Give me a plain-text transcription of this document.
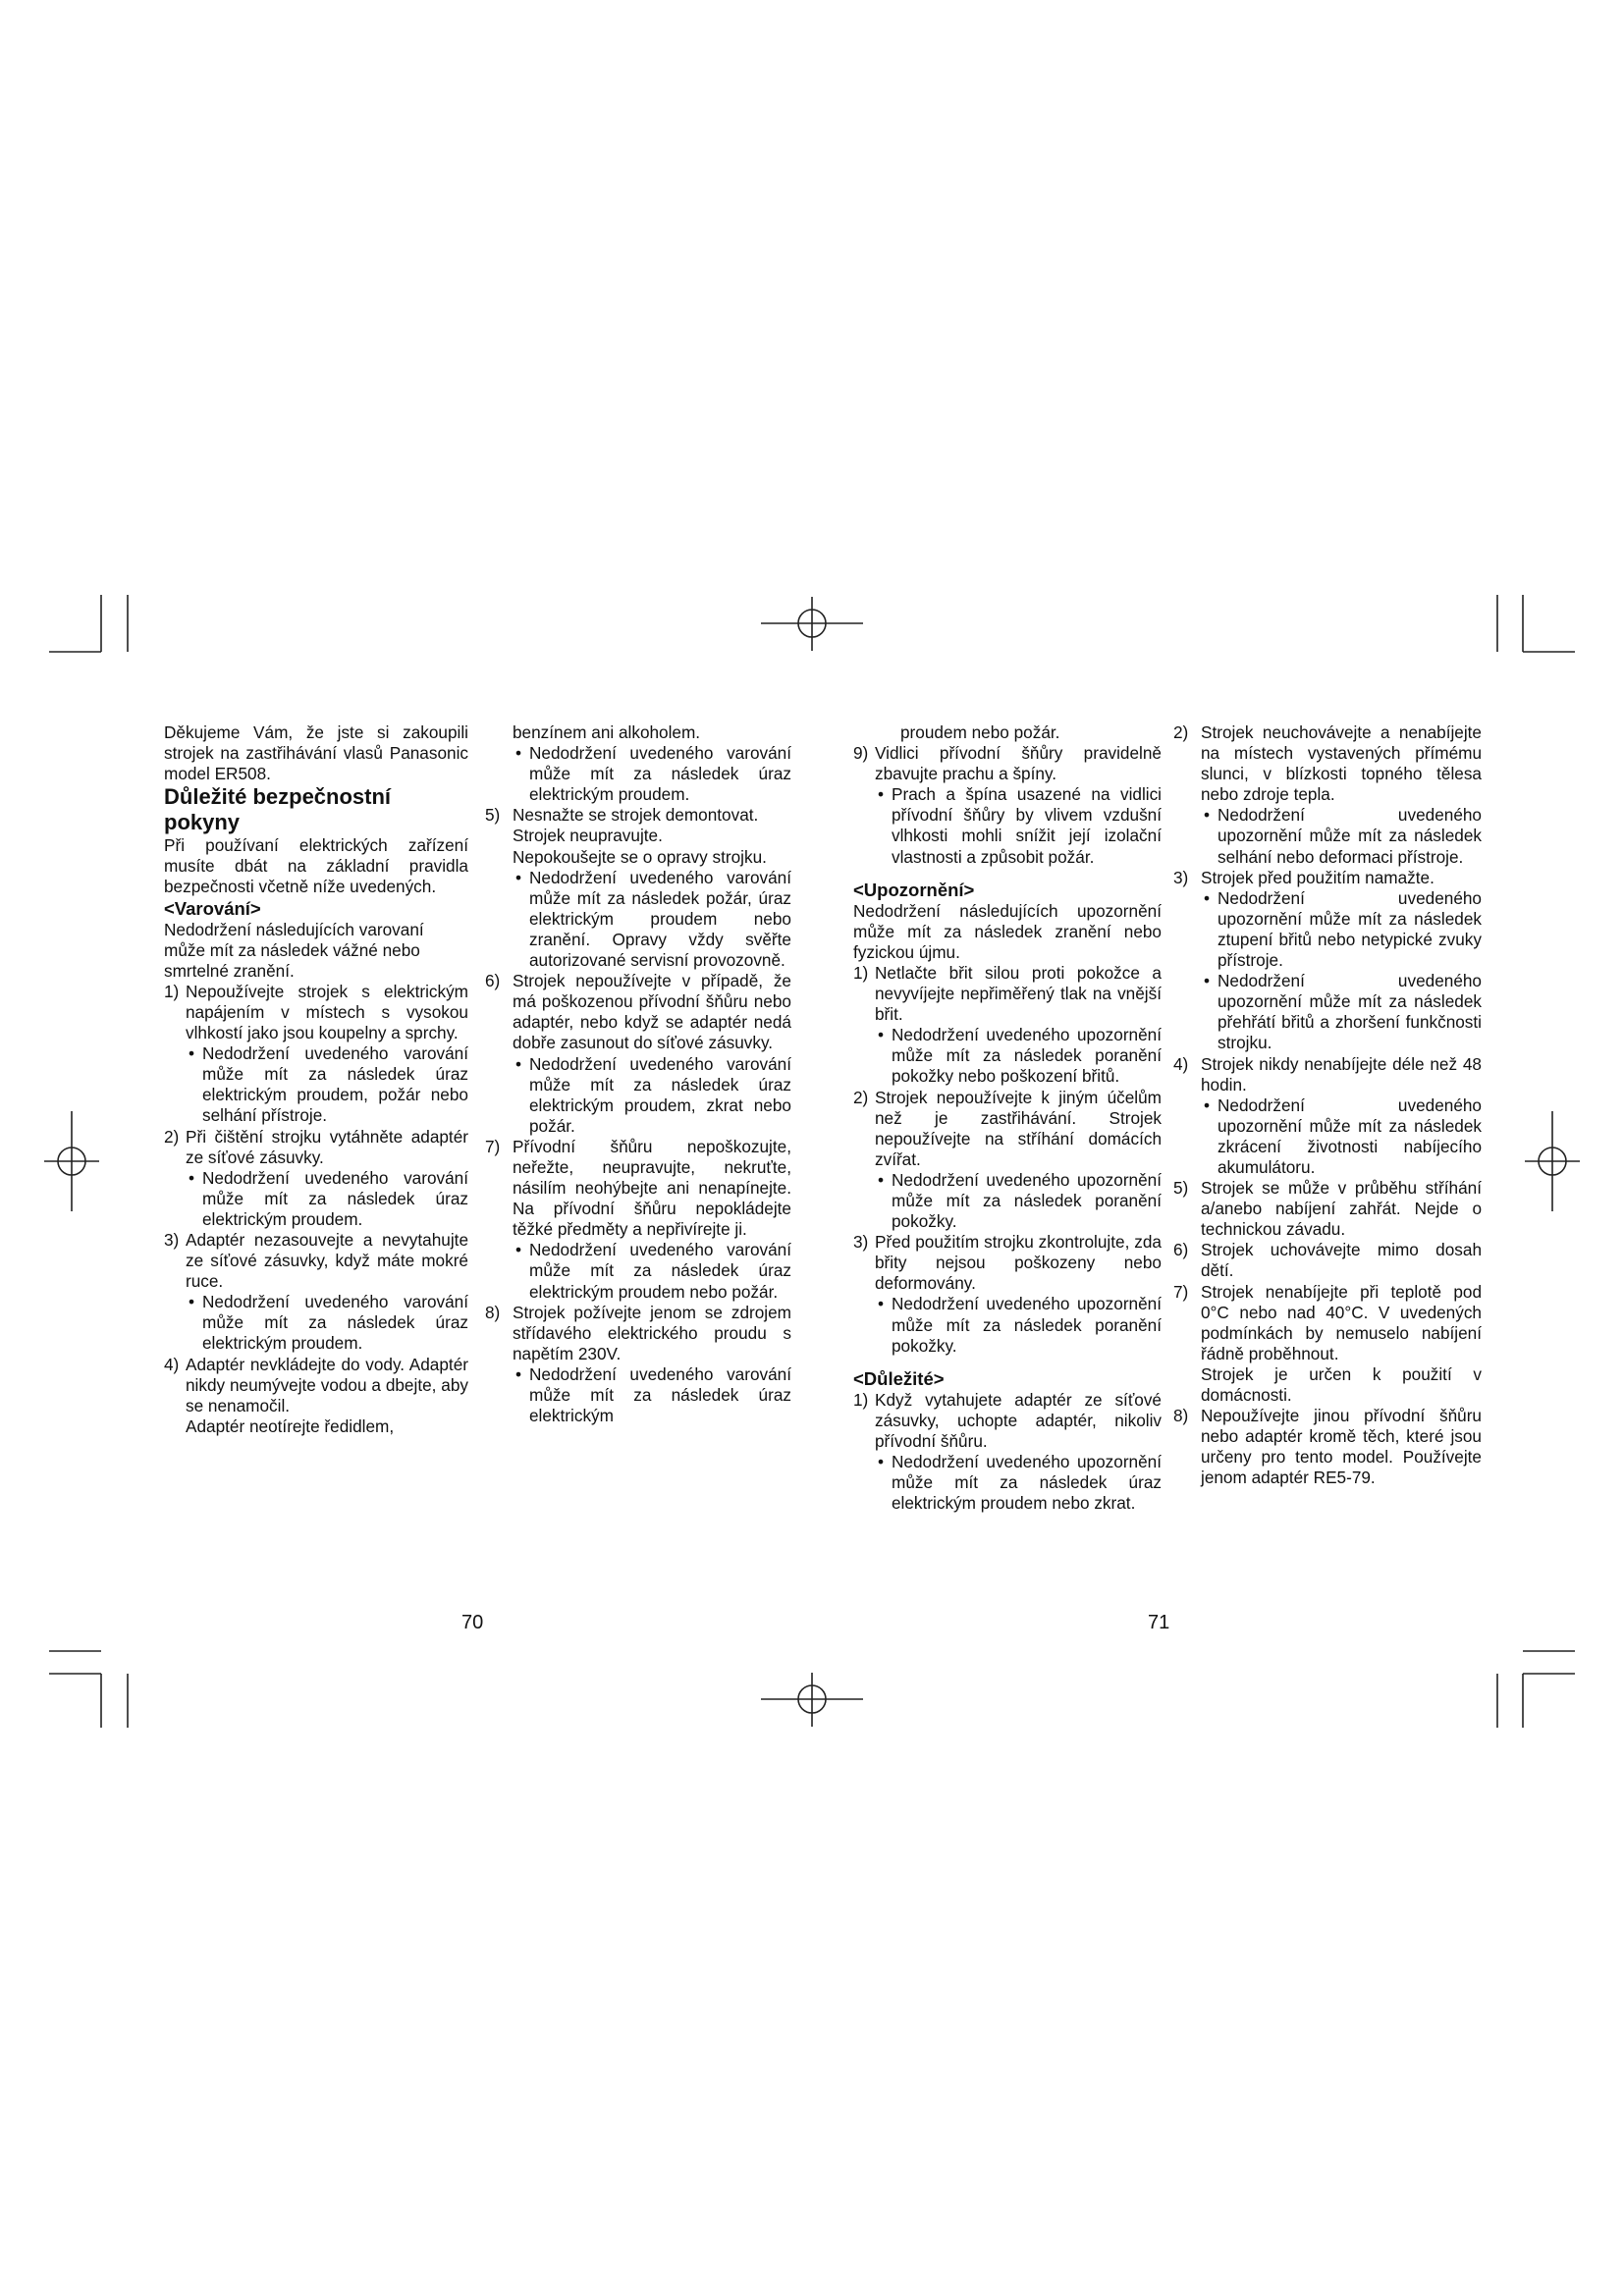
Děkujeme Vám, že jste si zakoupili strojek na zastřihávání vlasů Panasonic model ER508.

Důležité bezpečnostní pokyny

Při používaní elektrických zařízení musíte dbát na základní pravidla bezpečnosti včetně níže uvedených.

<Varování>

Nedodržení následujících varovaní může mít za následek vážné nebo smrtelné zranění.

1) Nepoužívejte strojek s elektrickým napájením v místech s vysokou vlhkostí jako jsou koupelny a sprchy.

• Nedodržení uvedeného varování může mít za následek úraz elektrickým proudem, požár nebo selhání přístroje.

2) Při čištění strojku vytáhněte adaptér ze síťové zásuvky.

• Nedodržení uvedeného varování může mít za následek úraz elektrickým proudem.

3) Adaptér nezasouvejte a nevytahujte ze síťové zásuvky, když máte mokré ruce.

• Nedodržení uvedeného varování může mít za následek úraz elektrickým proudem.

4) Adaptér nevkládejte do vody. Adaptér nikdy neumývejte vodou a dbejte, aby se nenamočil.

Adaptér neotírejte ředidlem,

benzínem ani alkoholem.

• Nedodržení uvedeného varování může mít za následek úraz elektrickým proudem.

5) Nesnažte se strojek demontovat.

Strojek neupravujte.

Nepokoušejte se o opravy strojku.

• Nedodržení uvedeného varování může mít za následek požár, úraz elektrickým proudem nebo zranění. Opravy vždy svěřte autorizované servisní provozovně.

6) Strojek nepoužívejte v případě, že má poškozenou přívodní šňůru nebo adaptér, nebo když se adaptér nedá dobře zasunout do síťové zásuvky.

• Nedodržení uvedeného varování může mít za následek úraz elektrickým proudem, zkrat nebo požár.

7) Přívodní šňůru nepoškozujte, neřežte, neupravujte, nekruťte, násilím neohýbejte ani nenapínejte. Na přívodní šňůru nepokládejte těžké předměty a nepřivírejte ji.

• Nedodržení uvedeného varování může mít za následek úraz elektrickým proudem nebo požár.

8) Strojek požívejte jenom se zdrojem střídavého elektrického proudu s napětím 230V.

• Nedodržení uvedeného varování může mít za následek úraz elektrickým

proudem nebo požár.

9) Vidlici přívodní šňůry pravidelně zbavujte prachu a špíny.

• Prach a špína usazené na vidlici přívodní šňůry by vlivem vzdušní vlhkosti mohli snížit její izolační vlastnosti a způsobit požár.

<Upozornění>

Nedodržení následujících upozornění může mít za následek zranění nebo fyzickou újmu.

1) Netlačte břit silou proti pokožce a nevyvíjejte nepřiměřený tlak na vnější břit.

• Nedodržení uvedeného upozornění může mít za následek poranění pokožky nebo poškození břitů.

2) Strojek nepoužívejte k jiným účelům než je zastřihávání. Strojek nepoužívejte na stříhání domácích zvířat.

• Nedodržení uvedeného upozornění může mít za následek poranění pokožky.

3) Před použitím strojku zkontrolujte, zda břity nejsou poškozeny nebo deformovány.

• Nedodržení uvedeného upozornění může mít za následek poranění pokožky.

<Důležité>

1) Když vytahujete adaptér ze síťové zásuvky, uchopte adaptér, nikoliv přívodní šňůru.

• Nedodržení uvedeného upozornění může mít za následek úraz elektrickým proudem nebo zkrat.

2) Strojek neuchovávejte a nenabíjejte na místech vystavených přímému slunci, v blízkosti topného tělesa nebo zdroje tepla.

• Nedodržení uvedeného upozornění může mít za následek selhání nebo deformaci přístroje.

3) Strojek před použitím namažte.

• Nedodržení uvedeného upozornění může mít za následek ztupení břitů nebo netypické zvuky přístroje.

• Nedodržení uvedeného upozornění může mít za následek přehřátí břitů a zhoršení funkčnosti strojku.

4) Strojek nikdy nenabíjejte déle než 48 hodin.

• Nedodržení uvedeného upozornění může mít za následek zkrácení životnosti nabíjecího akumulátoru.

5) Strojek se může v průběhu stříhání a/anebo nabíjení zahřát. Nejde o technickou závadu.

6) Strojek uchovávejte mimo dosah dětí.

7) Strojek nenabíjejte při teplotě pod 0°C nebo nad 40°C. V uvedených podmínkách by nemuselo nabíjení řádně proběhnout.

Strojek je určen k použití v domácnosti.

8) Nepoužívejte jinou přívodní šňůru nebo adaptér kromě těch, které jsou určeny pro tento model. Používejte jenom adaptér RE5-79.

70	71
